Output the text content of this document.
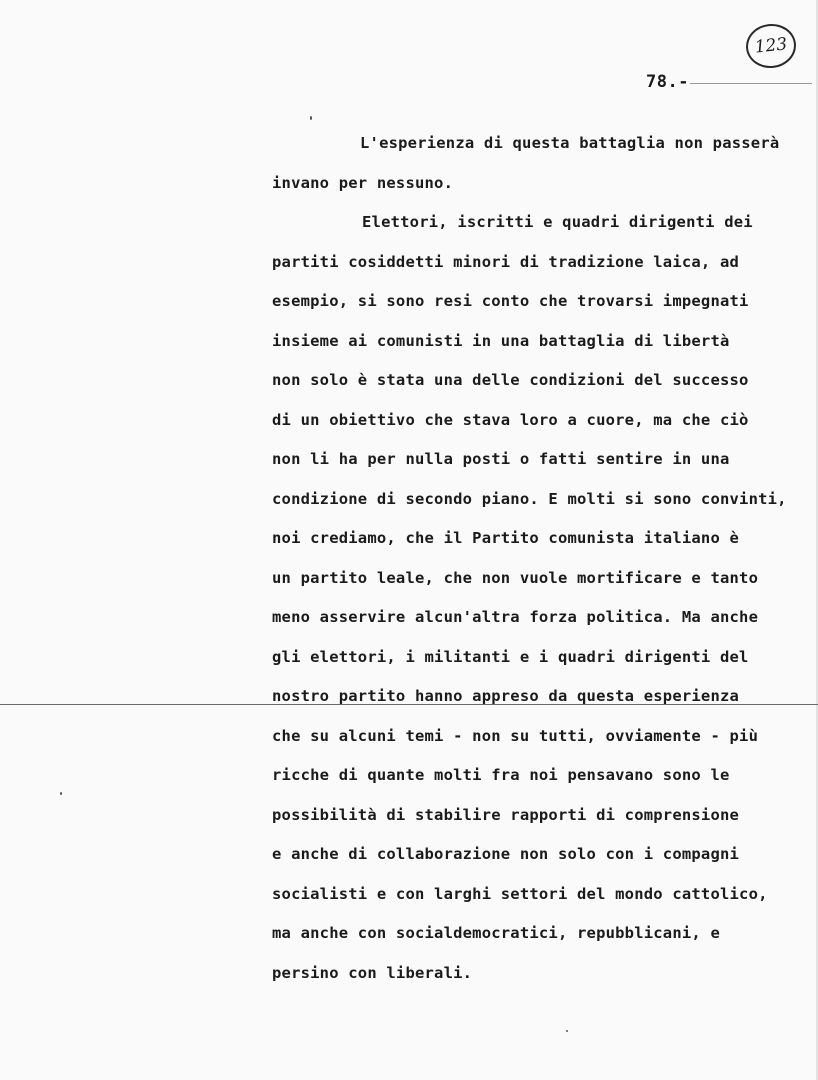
123
78.-
L'esperienza di questa battaglia non passerà
invano per nessuno.
Elettori, iscritti e quadri dirigenti dei
partiti cosiddetti minori di tradizione laica, ad
esempio, si sono resi conto che trovarsi impegnati
insieme ai comunisti in una battaglia di libertà
non solo è stata una delle condizioni del successo
di un obiettivo che stava loro a cuore, ma che ciò
non li ha per nulla posti o fatti sentire in una
condizione di secondo piano. E molti si sono convinti,
noi crediamo, che il Partito comunista italiano è
un partito leale, che non vuole mortificare e tanto
meno asservire alcun'altra forza politica. Ma anche
gli elettori, i militanti e i quadri dirigenti del
nostro partito hanno appreso da questa esperienza
che su alcuni temi - non su tutti, ovviamente - più
ricche di quante molti fra noi pensavano sono le
possibilità di stabilire rapporti di comprensione
e anche di collaborazione non solo con i compagni
socialisti e con larghi settori del mondo cattolico,
ma anche con socialdemocratici, repubblicani, e
persino con liberali.
